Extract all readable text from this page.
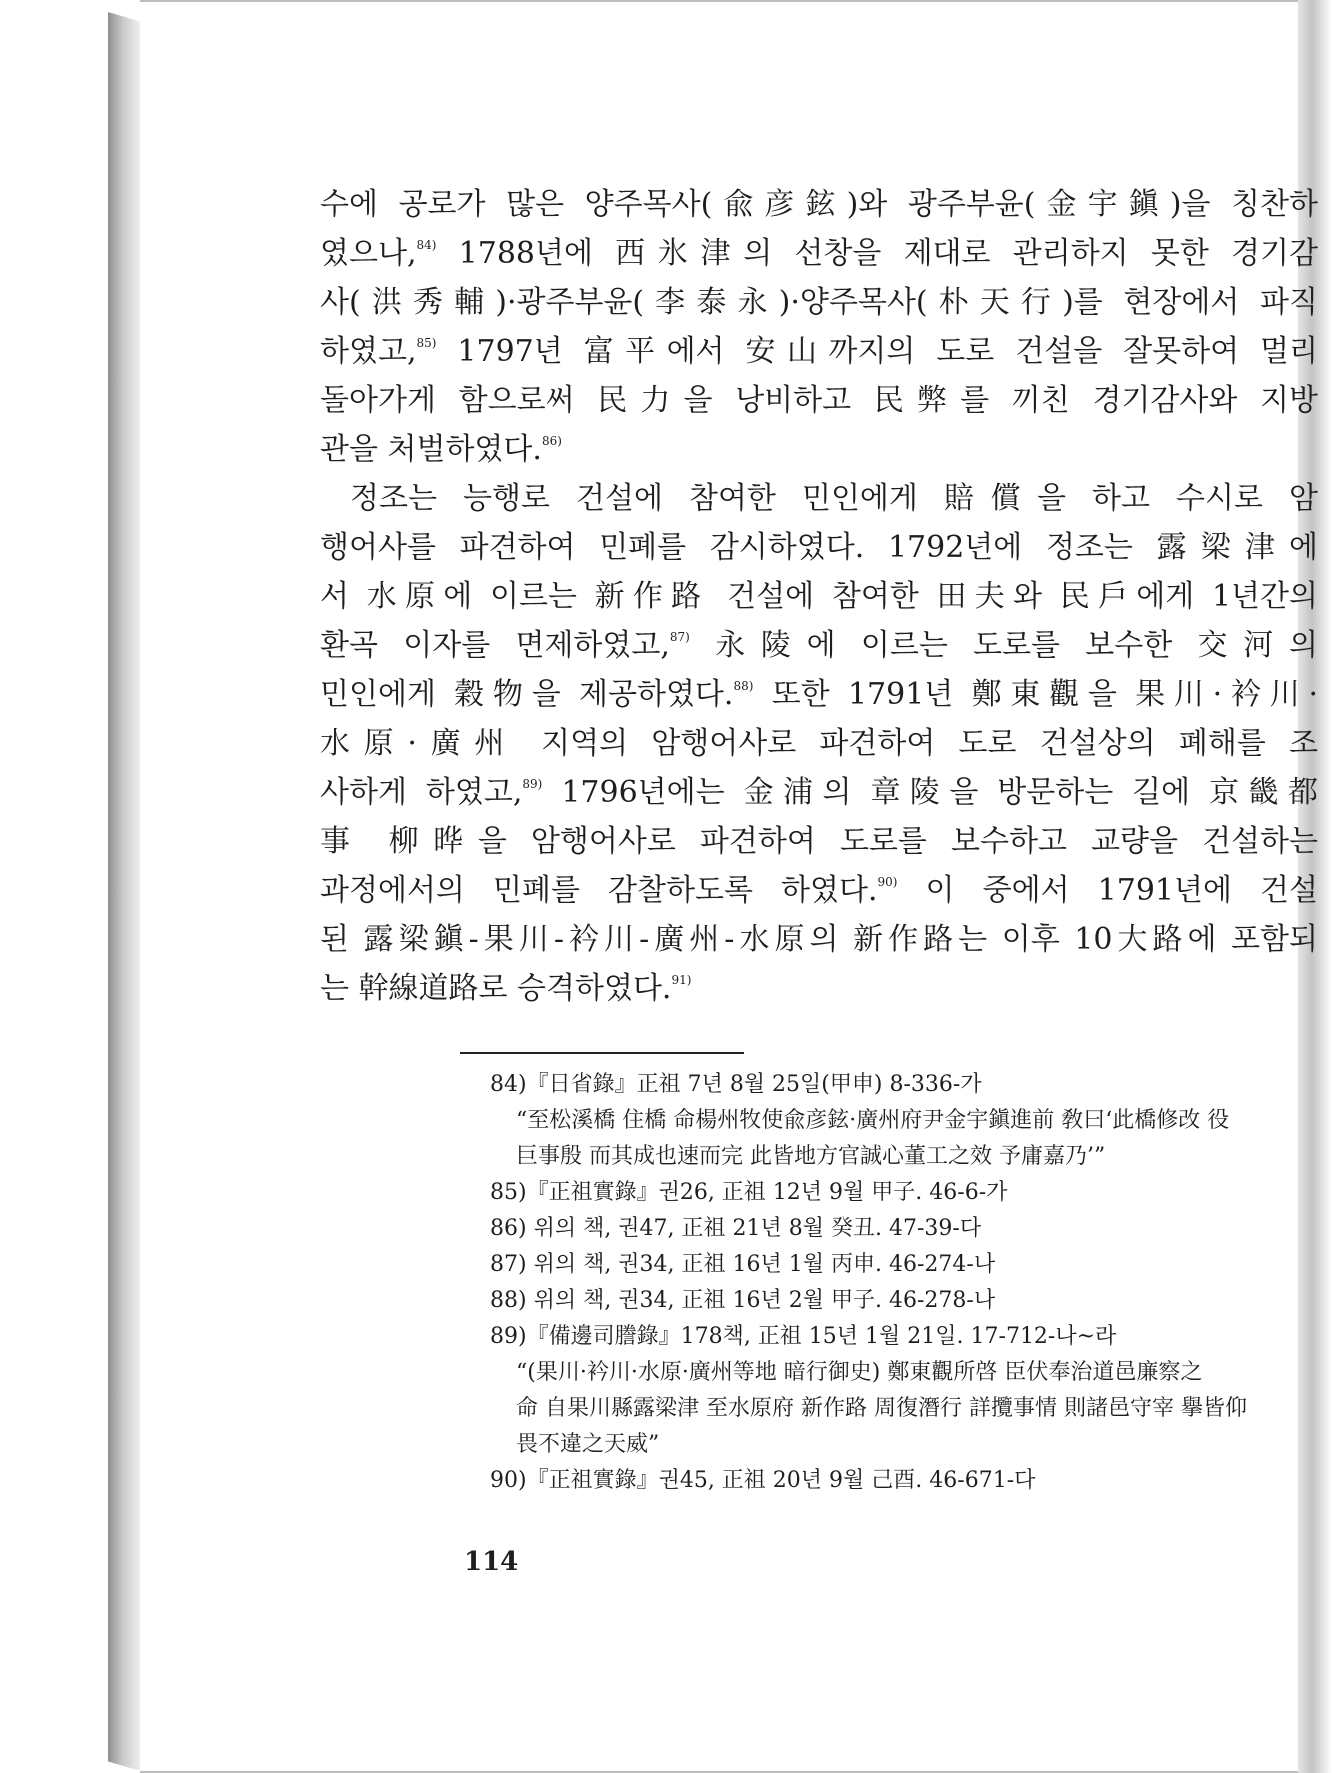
수에 공로가 많은 양주목사(兪彦鉉)와 광주부윤(金宇鎭)을 칭찬하
였으나,$^{84)}$ 1788년에 西氷津의 선창을 제대로 관리하지 못한 경기감
사(洪秀輔)·광주부윤(李泰永)·양주목사(朴天行)를 현장에서 파직
하였고,$^{85)}$ 1797년 富平에서 安山까지의 도로 건설을 잘못하여 멀리
돌아가게 함으로써 民力을 낭비하고 民弊를 끼친 경기감사와 지방
관을 처벌하였다.$^{86)}$
정조는 능행로 건설에 참여한 민인에게 賠償을 하고 수시로 암
행어사를 파견하여 민폐를 감시하였다. 1792년에 정조는 露梁津에
서 水原에 이르는 新作路 건설에 참여한 田夫와 民戶에게 1년간의
환곡 이자를 면제하였고,$^{87)}$ 永陵에 이르는 도로를 보수한 交河의
민인에게 穀物을 제공하였다.$^{88)}$ 또한 1791년 鄭東觀을 果川·衿川·
水原·廣州 지역의 암행어사로 파견하여 도로 건설상의 폐해를 조
사하게 하였고,$^{89)}$ 1796년에는 金浦의 章陵을 방문하는 길에 京畿都
事 柳晔을 암행어사로 파견하여 도로를 보수하고 교량을 건설하는
과정에서의 민폐를 감찰하도록 하였다.$^{90)}$ 이 중에서 1791년에 건설
된 露梁鎭-果川-衿川-廣州-水原의 新作路는 이후 10大路에 포함되
는 幹線道路로 승격하였다.$^{91)}$
84)『日省錄』正祖 7년 8월 25일(甲申) 8-336-가
“至松溪橋 住橋 命楊州牧使兪彦鉉·廣州府尹金宇鎭進前 敎曰‘此橋修改 役
巨事殷 而其成也速而完 此皆地方官誠心董工之效 予庸嘉乃’”
85)『正祖實錄』권26, 正祖 12년 9월 甲子. 46-6-가
86) 위의 책, 권47, 正祖 21년 8월 癸丑. 47-39-다
87) 위의 책, 권34, 正祖 16년 1월 丙申. 46-274-나
88) 위의 책, 권34, 正祖 16년 2월 甲子. 46-278-나
89)『備邊司謄錄』178책, 正祖 15년 1월 21일. 17-712-나~라
“(果川·衿川·水原·廣州等地 暗行御史) 鄭東觀所啓 臣伏奉治道邑廉察之
命 自果川縣露梁津 至水原府 新作路 周復潛行 詳攬事情 則諸邑守宰 擧皆仰
畏不違之天威”
90)『正祖實錄』권45, 正祖 20년 9월 己酉. 46-671-다
114
